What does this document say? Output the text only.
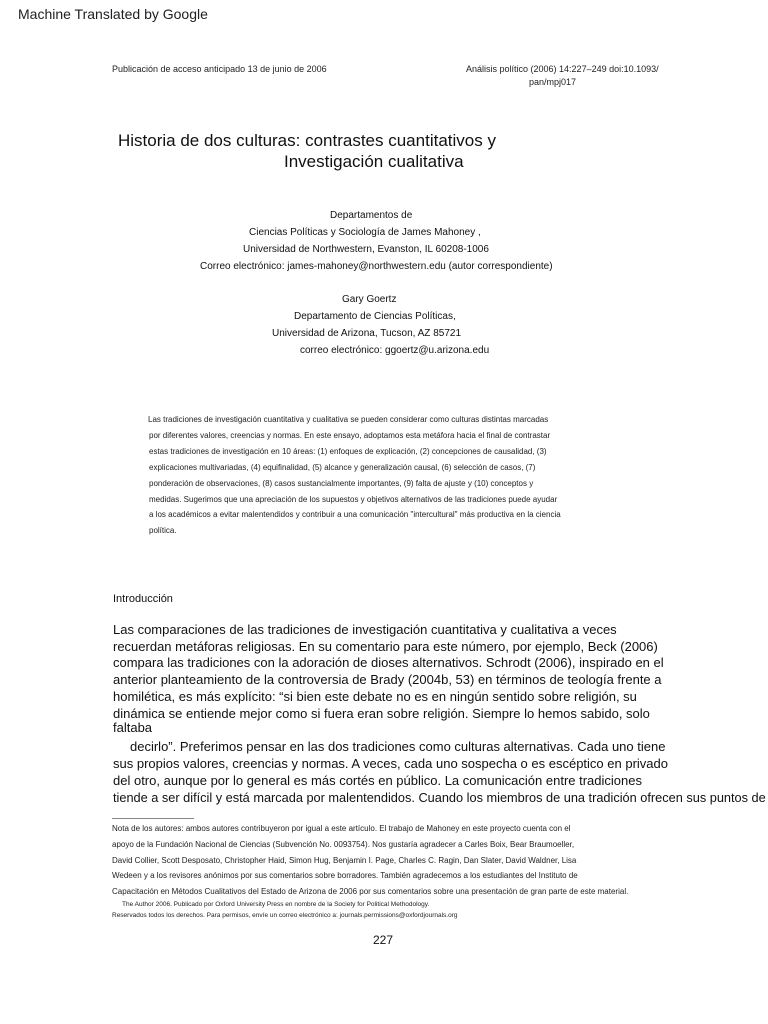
Machine Translated by Google
Publicación de acceso anticipado 13 de junio de 2006	Análisis político (2006) 14:227–249 doi:10.1093/
pan/mpj017
Historia de dos culturas: contrastes cuantitativos y
Investigación cualitativa
Departamentos de
Ciencias Políticas y Sociología de James Mahoney ,
Universidad de Northwestern, Evanston, IL 60208-1006
Correo electrónico: james-mahoney@northwestern.edu (autor correspondiente)
Gary Goertz
Departamento de Ciencias Políticas,
Universidad de Arizona, Tucson, AZ 85721
correo electrónico: ggoertz@u.arizona.edu
Las tradiciones de investigación cuantitativa y cualitativa se pueden considerar como culturas distintas marcadas
por diferentes valores, creencias y normas. En este ensayo, adoptamos esta metáfora hacia el final de contrastar
estas tradiciones de investigación en 10 áreas: (1) enfoques de explicación, (2) concepciones de causalidad, (3)
explicaciones multivariadas, (4) equifinalidad, (5) alcance y generalización causal, (6) selección de casos, (7)
ponderación de observaciones, (8) casos sustancialmente importantes, (9) falta de ajuste y (10) conceptos y
medidas. Sugerimos que una apreciación de los supuestos y objetivos alternativos de las tradiciones puede ayudar
a los académicos a evitar malentendidos y contribuir a una comunicación "intercultural" más productiva en la ciencia
política.
Introducción
Las comparaciones de las tradiciones de investigación cuantitativa y cualitativa a veces
recuerdan metáforas religiosas. En su comentario para este número, por ejemplo, Beck (2006)
compara las tradiciones con la adoración de dioses alternativos. Schrodt (2006), inspirado en el
anterior planteamiento de la controversia de Brady (2004b, 53) en términos de teología frente a
homilética, es más explícito: “si bien este debate no es en ningún sentido sobre religión, su
dinámica se entiende mejor como si fuera eran sobre religión. Siempre lo hemos sabido, solo
faltaba
decirlo”. Preferimos pensar en las dos tradiciones como culturas alternativas. Cada uno tiene
sus propios valores, creencias y normas. A veces, cada uno sospecha o es escéptico en privado
del otro, aunque por lo general es más cortés en público. La comunicación entre tradiciones
tiende a ser difícil y está marcada por malentendidos. Cuando los miembros de una tradición ofrecen sus puntos de
Nota de los autores: ambos autores contribuyeron por igual a este artículo. El trabajo de Mahoney en este proyecto cuenta con el
apoyo de la Fundación Nacional de Ciencias (Subvención No. 0093754). Nos gustaría agradecer a Carles Boix, Bear Braumoeller,
David Collier, Scott Desposato, Christopher Haid, Simon Hug, Benjamin I. Page, Charles C. Ragin, Dan Slater, David Waldner, Lisa
Wedeen y a los revisores anónimos por sus comentarios sobre borradores. También agradecemos a los estudiantes del Instituto de
Capacitación en Métodos Cualitativos del Estado de Arizona de 2006 por sus comentarios sobre una presentación de gran parte de este material.
The Author 2006. Publicado por Oxford University Press en nombre de la Society for Political Methodology.
Reservados todos los derechos. Para permisos, envíe un correo electrónico a: journals.permissions@oxfordjournals.org
227
